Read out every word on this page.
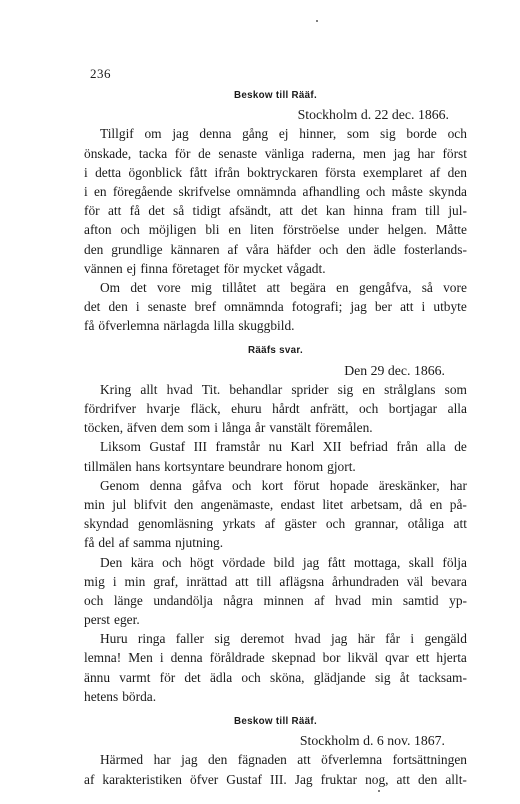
236
Beskow till Rääf.
Stockholm d. 22 dec. 1866.
Tillgif om jag denna gång ej hinner, som sig borde och
önskade, tacka för de senaste vänliga raderna, men jag har först
i detta ögonblick fått ifrån boktryckaren första exemplaret af den
i en föregående skrifvelse omnämnda afhandling och måste skynda
för att få det så tidigt afsändt, att det kan hinna fram till jul-
afton och möjligen bli en liten förströelse under helgen. Måtte
den grundlige kännaren af våra häfder och den ädle fosterlands-
vännen ej finna företaget för mycket vågadt.
Om det vore mig tillåtet att begära en gengåfva, så vore
det den i senaste bref omnämnda fotografi; jag ber att i utbyte
få öfverlemna närlagda lilla skuggbild.
Rääfs svar.
Den 29 dec. 1866.
Kring allt hvad Tit. behandlar sprider sig en strålglans som
fördrifver hvarje fläck, ehuru hårdt anfrätt, och bortjagar alla
töcken, äfven dem som i långa år vanstält föremålen.
Liksom Gustaf III framstår nu Karl XII befriad från alla de
tillmälen hans kortsyntare beundrare honom gjort.
Genom denna gåfva och kort förut hopade äreskänker, har
min jul blifvit den angenämaste, endast litet arbetsam, då en på-
skyndad genomläsning yrkats af gäster och grannar, otåliga att
få del af samma njutning.
Den kära och högt vördade bild jag fått mottaga, skall följa
mig i min graf, inrättad att till aflägsna århundraden väl bevara
och länge undandölja några minnen af hvad min samtid yp-
perst eger.
Huru ringa faller sig deremot hvad jag här får i gengäld
lemna! Men i denna föråldrade skepnad bor likväl qvar ett hjerta
ännu varmt för det ädla och sköna, glädjande sig åt tacksam-
hetens börda.
Beskow till Rääf.
Stockholm d. 6 nov. 1867.
Härmed har jag den fägnaden att öfverlemna fortsättningen
af karakteristiken öfver Gustaf III. Jag fruktar nog, att den allt-
